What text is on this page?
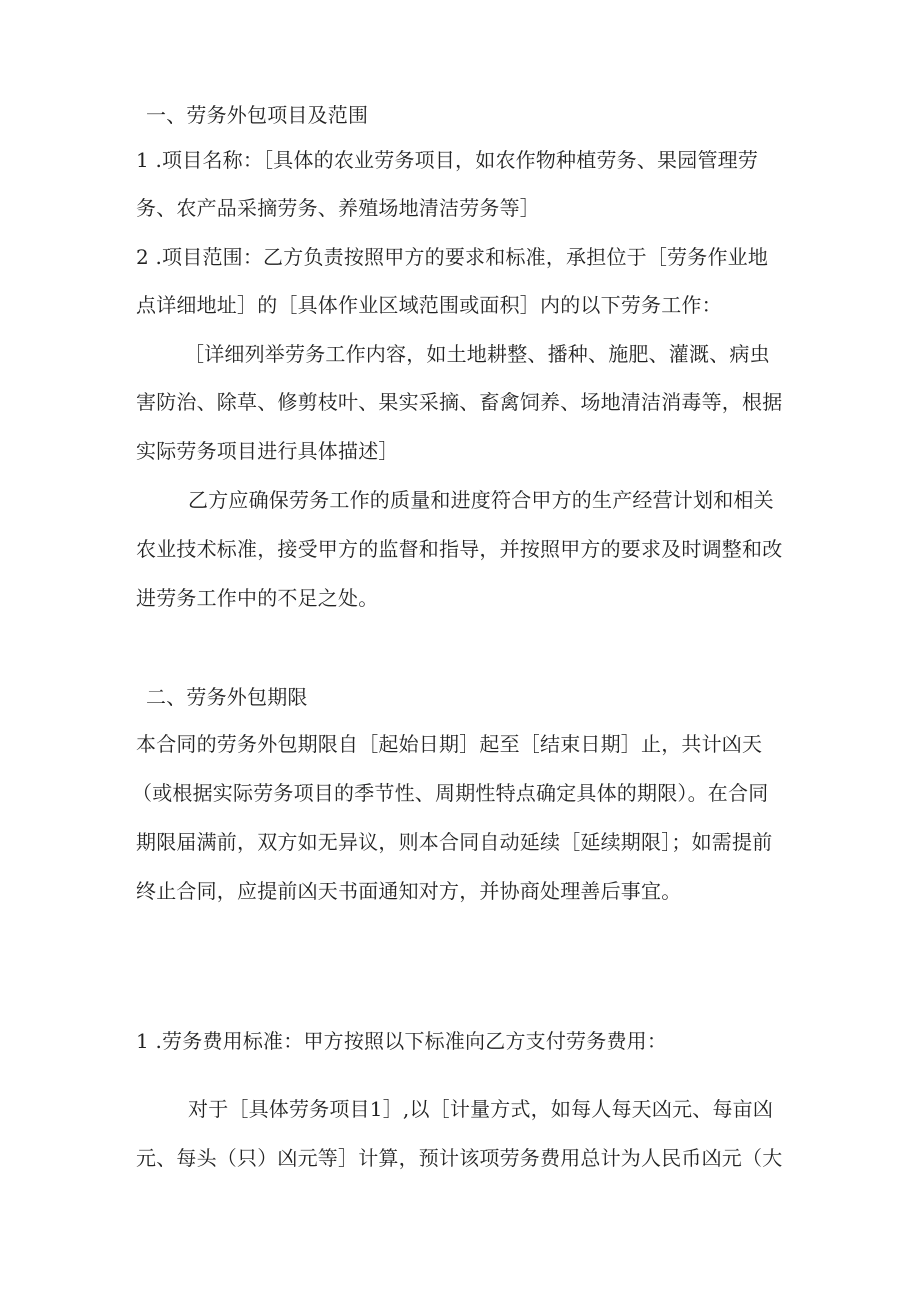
一、劳务外包项目及范围
1 .项目名称：［具体的农业劳务项目，如农作物种植劳务、果园管理劳
务、农产品采摘劳务、养殖场地清洁劳务等］
2 .项目范围：乙方负责按照甲方的要求和标准，承担位于［劳务作业地
点详细地址］的［具体作业区域范围或面积］内的以下劳务工作：
［详细列举劳务工作内容，如土地耕整、播种、施肥、灌溉、病虫
害防治、除草、修剪枝叶、果实采摘、畜禽饲养、场地清洁消毒等，根据
实际劳务项目进行具体描述］
乙方应确保劳务工作的质量和进度符合甲方的生产经营计划和相关
农业技术标准，接受甲方的监督和指导，并按照甲方的要求及时调整和改
进劳务工作中的不足之处。
二、劳务外包期限
本合同的劳务外包期限自［起始日期］起至［结束日期］止，共计凶天
（或根据实际劳务项目的季节性、周期性特点确定具体的期限）。在合同
期限届满前，双方如无异议，则本合同自动延续［延续期限］；如需提前
终止合同，应提前凶天书面通知对方，并协商处理善后事宜。
1 .劳务费用标准：甲方按照以下标准向乙方支付劳务费用：
对于［具体劳务项目1］,以［计量方式，如每人每天凶元、每亩凶
元、每头（只）凶元等］计算，预计该项劳务费用总计为人民币凶元（大
